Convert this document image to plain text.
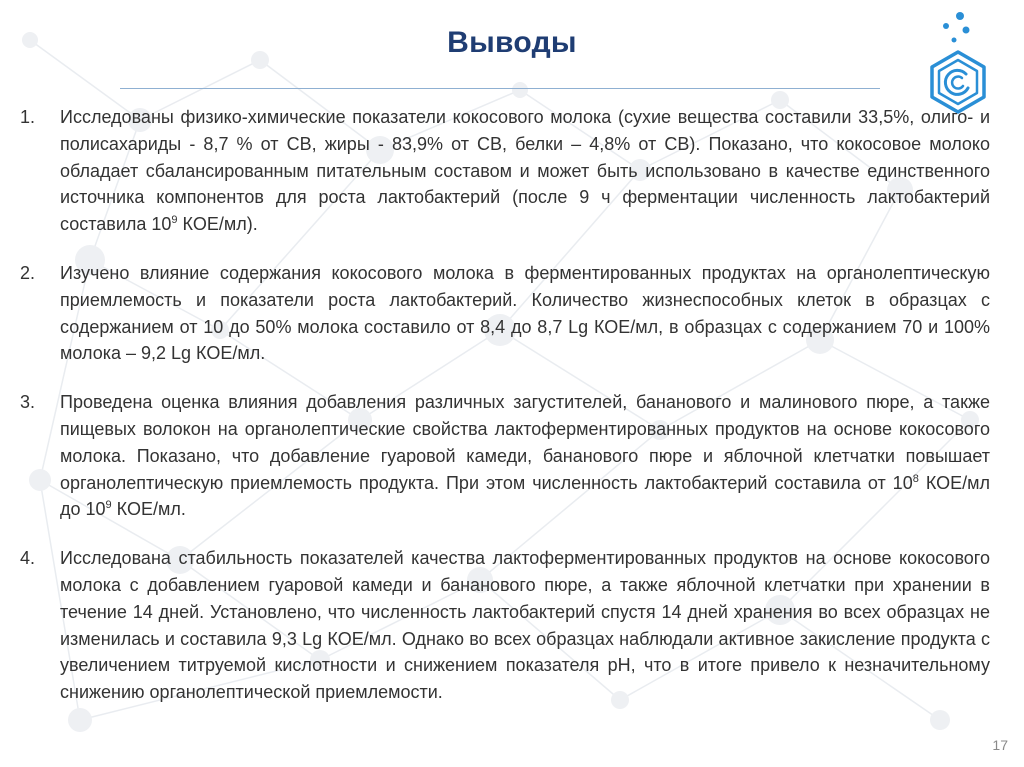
Выводы
1. Исследованы физико-химические показатели кокосового молока (сухие вещества составили 33,5%, олиго- и полисахариды - 8,7 % от СВ, жиры - 83,9% от СВ, белки – 4,8% от СВ). Показано, что кокосовое молоко обладает сбалансированным питательным составом и может быть использовано в качестве единственного источника компонентов для роста лактобактерий (после 9 ч ферментации численность лактобактерий составила $10^9$ КОЕ/мл).
2. Изучено влияние содержания кокосового молока в ферментированных продуктах на органолептическую приемлемость и показатели роста лактобактерий. Количество жизнеспособных клеток в образцах с содержанием от 10 до 50% молока составило от 8,4 до 8,7 Lg КОЕ/мл, в образцах с содержанием 70 и 100% молока – 9,2 Lg КОЕ/мл.
3. Проведена оценка влияния добавления различных загустителей, бананового и малинового пюре, а также пищевых волокон на органолептические свойства лактоферментированных продуктов на основе кокосового молока. Показано, что добавление гуаровой камеди, бананового пюре и яблочной клетчатки повышает органолептическую приемлемость продукта. При этом численность лактобактерий составила от $10^8$ КОЕ/мл до $10^9$ КОЕ/мл.
4. Исследована стабильность показателей качества лактоферментированных продуктов на основе кокосового молока с добавлением гуаровой камеди и бананового пюре, а также яблочной клетчатки при хранении в течение 14 дней. Установлено, что численность лактобактерий спустя 14 дней хранения во всех образцах не изменилась и составила 9,3 Lg КОЕ/мл. Однако во всех образцах наблюдали активное закисление продукта с увеличением титруемой кислотности и снижением показателя pH, что в итоге привело к незначительному снижению органолептической приемлемости.
17
